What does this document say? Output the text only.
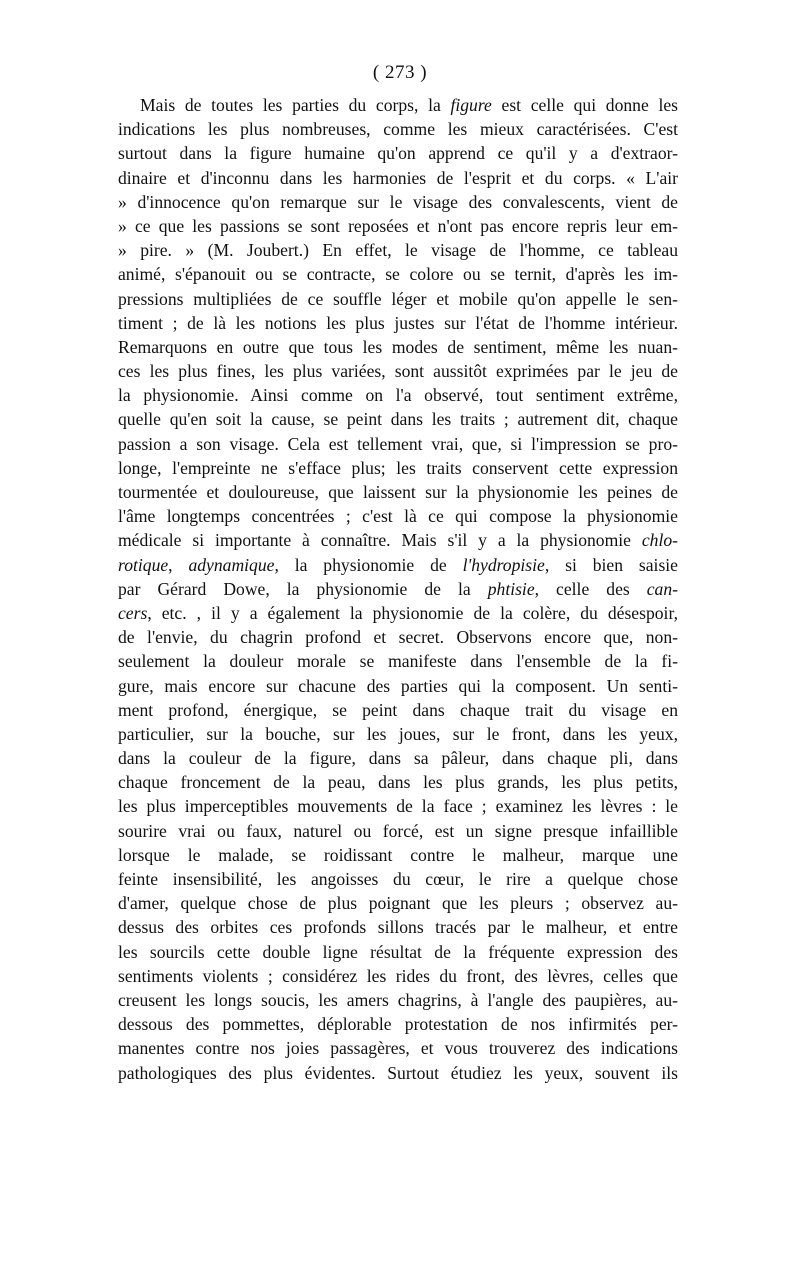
( 273 )
Mais de toutes les parties du corps, la figure est celle qui donne les
indications les plus nombreuses, comme les mieux caractérisées. C'est
surtout dans la figure humaine qu'on apprend ce qu'il y a d'extraor-
dinaire et d'inconnu dans les harmonies de l'esprit et du corps. « L'air
» d'innocence qu'on remarque sur le visage des convalescents, vient de
» ce que les passions se sont reposées et n'ont pas encore repris leur em-
» pire. » (M. Joubert.) En effet, le visage de l'homme, ce tableau
animé, s'épanouit ou se contracte, se colore ou se ternit, d'après les im-
pressions multipliées de ce souffle léger et mobile qu'on appelle le sen-
timent ; de là les notions les plus justes sur l'état de l'homme intérieur.
Remarquons en outre que tous les modes de sentiment, même les nuan-
ces les plus fines, les plus variées, sont aussitôt exprimées par le jeu de
la physionomie. Ainsi comme on l'a observé, tout sentiment extrême,
quelle qu'en soit la cause, se peint dans les traits ; autrement dit, chaque
passion a son visage. Cela est tellement vrai, que, si l'impression se pro-
longe, l'empreinte ne s'efface plus; les traits conservent cette expression
tourmentée et douloureuse, que laissent sur la physionomie les peines de
l'âme longtemps concentrées ; c'est là ce qui compose la physionomie
médicale si importante à connaître. Mais s'il y a la physionomie chlo-
rotique, adynamique, la physionomie de l'hydropisie, si bien saisie
par Gérard Dowe, la physionomie de la phtisie, celle des can-
cers, etc. , il y a également la physionomie de la colère, du désespoir,
de l'envie, du chagrin profond et secret. Observons encore que, non-
seulement la douleur morale se manifeste dans l'ensemble de la fi-
gure, mais encore sur chacune des parties qui la composent. Un senti-
ment profond, énergique, se peint dans chaque trait du visage en
particulier, sur la bouche, sur les joues, sur le front, dans les yeux,
dans la couleur de la figure, dans sa pâleur, dans chaque pli, dans
chaque froncement de la peau, dans les plus grands, les plus petits,
les plus imperceptibles mouvements de la face ; examinez les lèvres : le
sourire vrai ou faux, naturel ou forcé, est un signe presque infaillible
lorsque le malade, se roidissant contre le malheur, marque une
feinte insensibilité, les angoisses du cœur, le rire a quelque chose
d'amer, quelque chose de plus poignant que les pleurs ; observez au-
dessus des orbites ces profonds sillons tracés par le malheur, et entre
les sourcils cette double ligne résultat de la fréquente expression des
sentiments violents ; considérez les rides du front, des lèvres, celles que
creusent les longs soucis, les amers chagrins, à l'angle des paupières, au-
dessous des pommettes, déplorable protestation de nos infirmités per-
manentes contre nos joies passagères, et vous trouverez des indications
pathologiques des plus évidentes. Surtout étudiez les yeux, souvent ils
